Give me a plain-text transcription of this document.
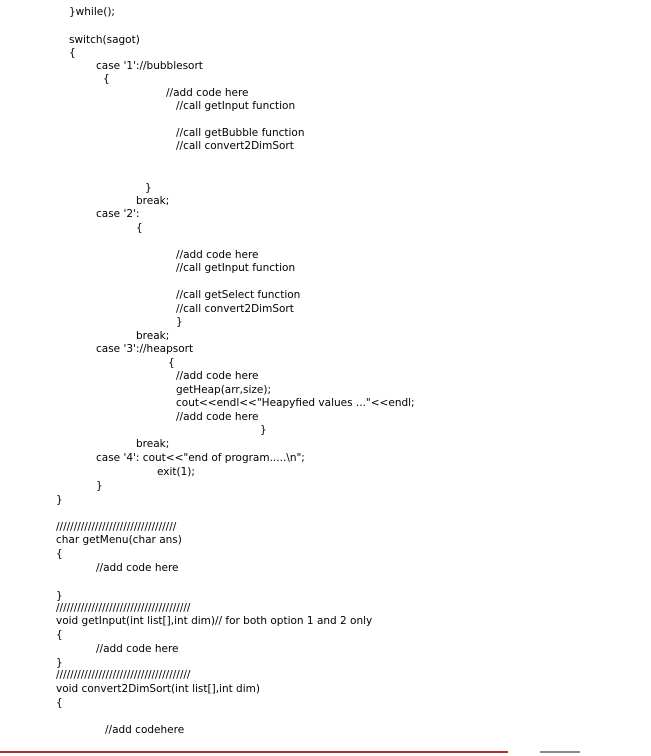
}while();
switch(sagot)
{
case '1'://bubblesort
{
//add code here
//call getInput function
//call getBubble function
//call convert2DimSort
}
break;
case '2':
{
//add code here
//call getInput function
//call getSelect function
//call convert2DimSort
}
break;
case '3'://heapsort
{
//add code here
getHeap(arr,size);
cout<<endl<<"Heapyfied values ..."<<endl;
//add code here
}
break;
case '4': cout<<"end of program.....\n";
exit(1);
}
}
//////////////////////////////////
char getMenu(char ans)
{
//add code here
}
//////////////////////////////////////
void getInput(int list[],int dim)// for both option 1 and 2 only
{
//add code here
}
//////////////////////////////////////
void convert2DimSort(int list[],int dim)
{
//add codehere
